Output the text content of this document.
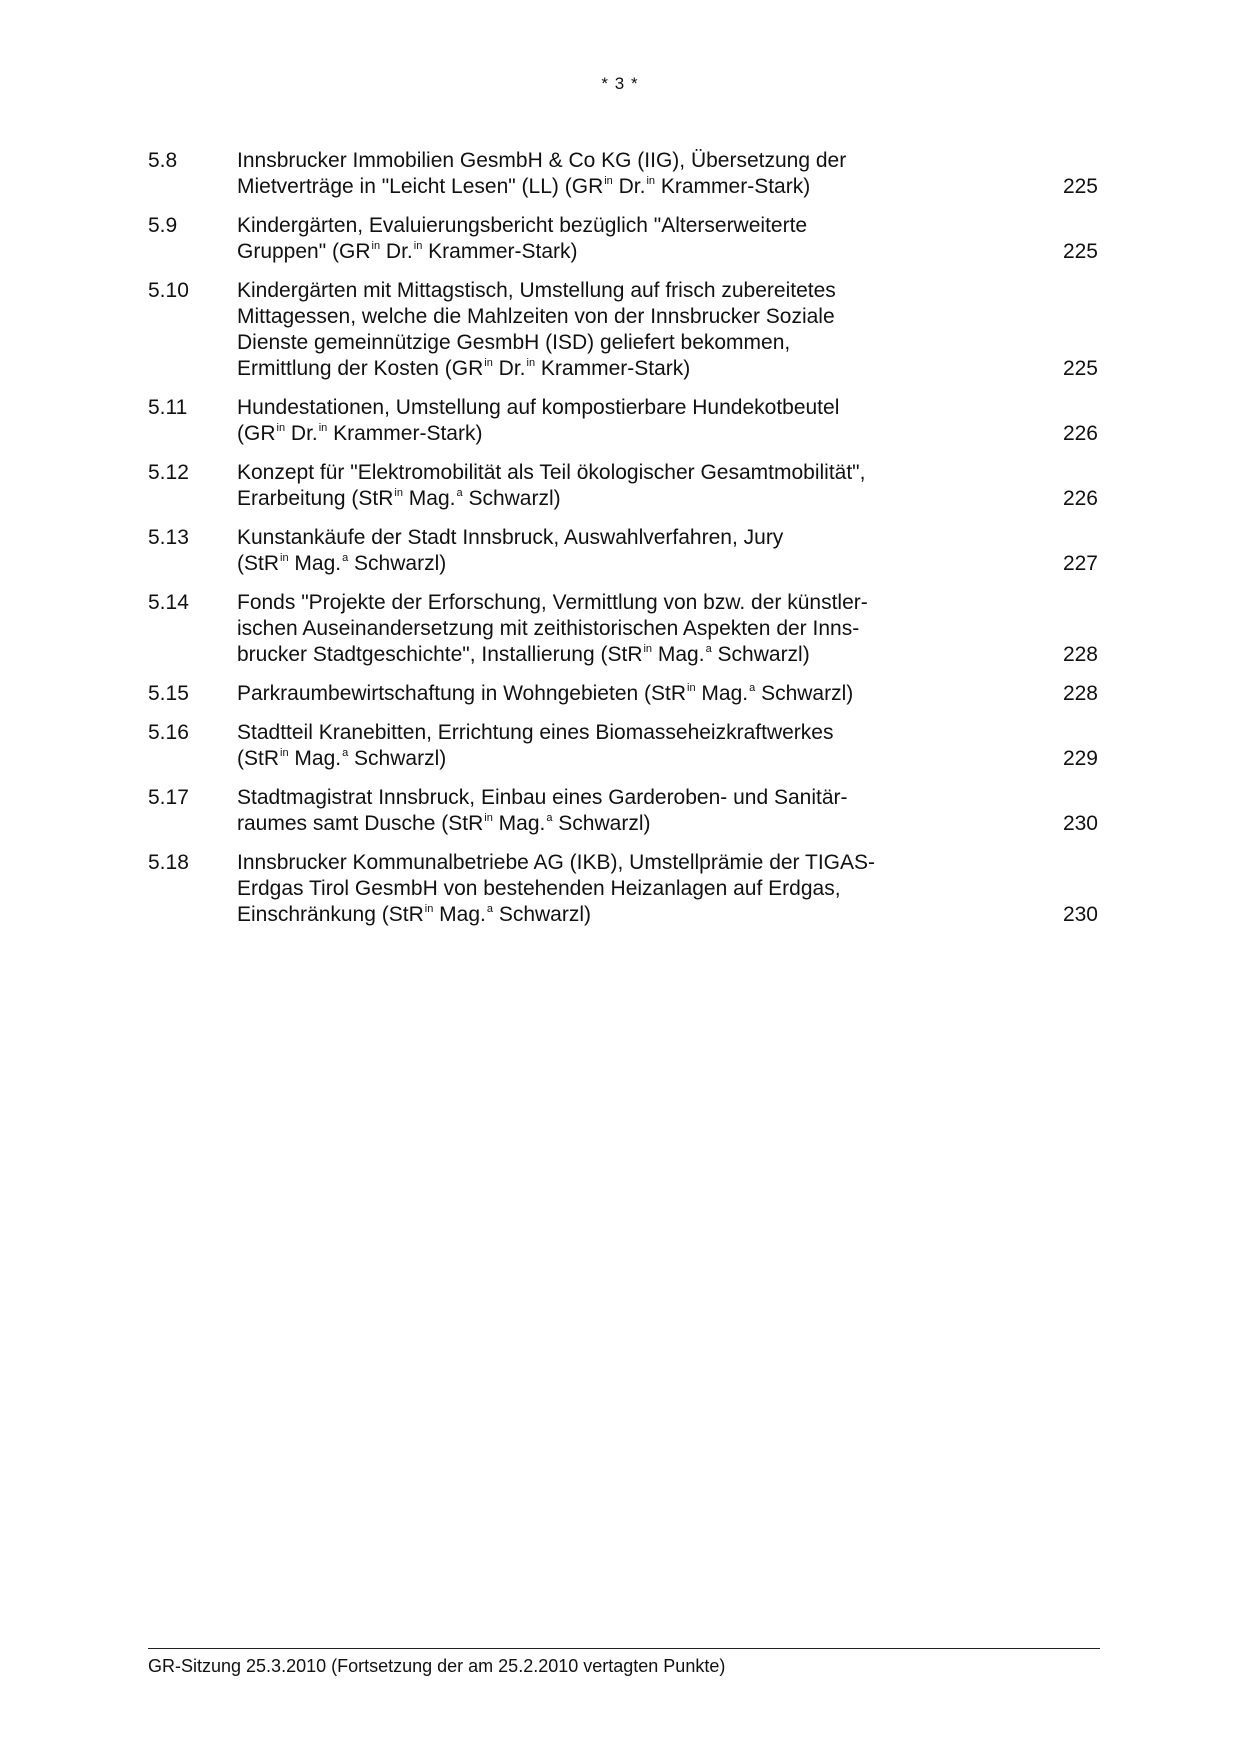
* 3 *
5.8	Innsbrucker Immobilien GesmbH & Co KG (IIG), Übersetzung der
Mietverträge in "Leicht Lesen" (LL) ($GR^{in}$ Dr.$^{in}$ Krammer-Stark)	225
5.9	Kindergärten, Evaluierungsbericht bezüglich "Alterserweiterte
Gruppen" ($GR^{in}$ Dr.$^{in}$ Krammer-Stark)	225
5.10	Kindergärten mit Mittagstisch, Umstellung auf frisch zubereitetes
Mittagessen, welche die Mahlzeiten von der Innsbrucker Soziale
Dienste gemeinnützige GesmbH (ISD) geliefert bekommen,
Ermittlung der Kosten ($GR^{in}$ Dr.$^{in}$ Krammer-Stark)	225
5.11	Hundestationen, Umstellung auf kompostierbare Hundekotbeutel
($GR^{in}$ Dr.$^{in}$ Krammer-Stark)	226
5.12	Konzept für "Elektromobilität als Teil ökologischer Gesamtmobilität",
Erarbeitung (StR$^{in}$ Mag.$^a$ Schwarzl)	226
5.13	Kunstankäufe der Stadt Innsbruck, Auswahlverfahren, Jury
(StR$^{in}$ Mag.$^a$ Schwarzl)	227
5.14	Fonds "Projekte der Erforschung, Vermittlung von bzw. der künstler-
ischen Auseinandersetzung mit zeithistorischen Aspekten der Inns-
brucker Stadtgeschichte", Installierung (StR$^{in}$ Mag.$^a$ Schwarzl)	228
5.15	Parkraumbewirtschaftung in Wohngebieten (StR$^{in}$ Mag.$^a$ Schwarzl)	228
5.16	Stadtteil Kranebitten, Errichtung eines Biomasseheizkraftwerkes
(StR$^{in}$ Mag.$^a$ Schwarzl)	229
5.17	Stadtmagistrat Innsbruck, Einbau eines Garderoben- und Sanitär-
raumes samt Dusche (StR$^{in}$ Mag.$^a$ Schwarzl)	230
5.18	Innsbrucker Kommunalbetriebe AG (IKB), Umstellprämie der TIGAS-
Erdgas Tirol GesmbH von bestehenden Heizanlagen auf Erdgas,
Einschränkung (StR$^{in}$ Mag.$^a$ Schwarzl)	230
GR-Sitzung 25.3.2010 (Fortsetzung der am 25.2.2010 vertagten Punkte)
